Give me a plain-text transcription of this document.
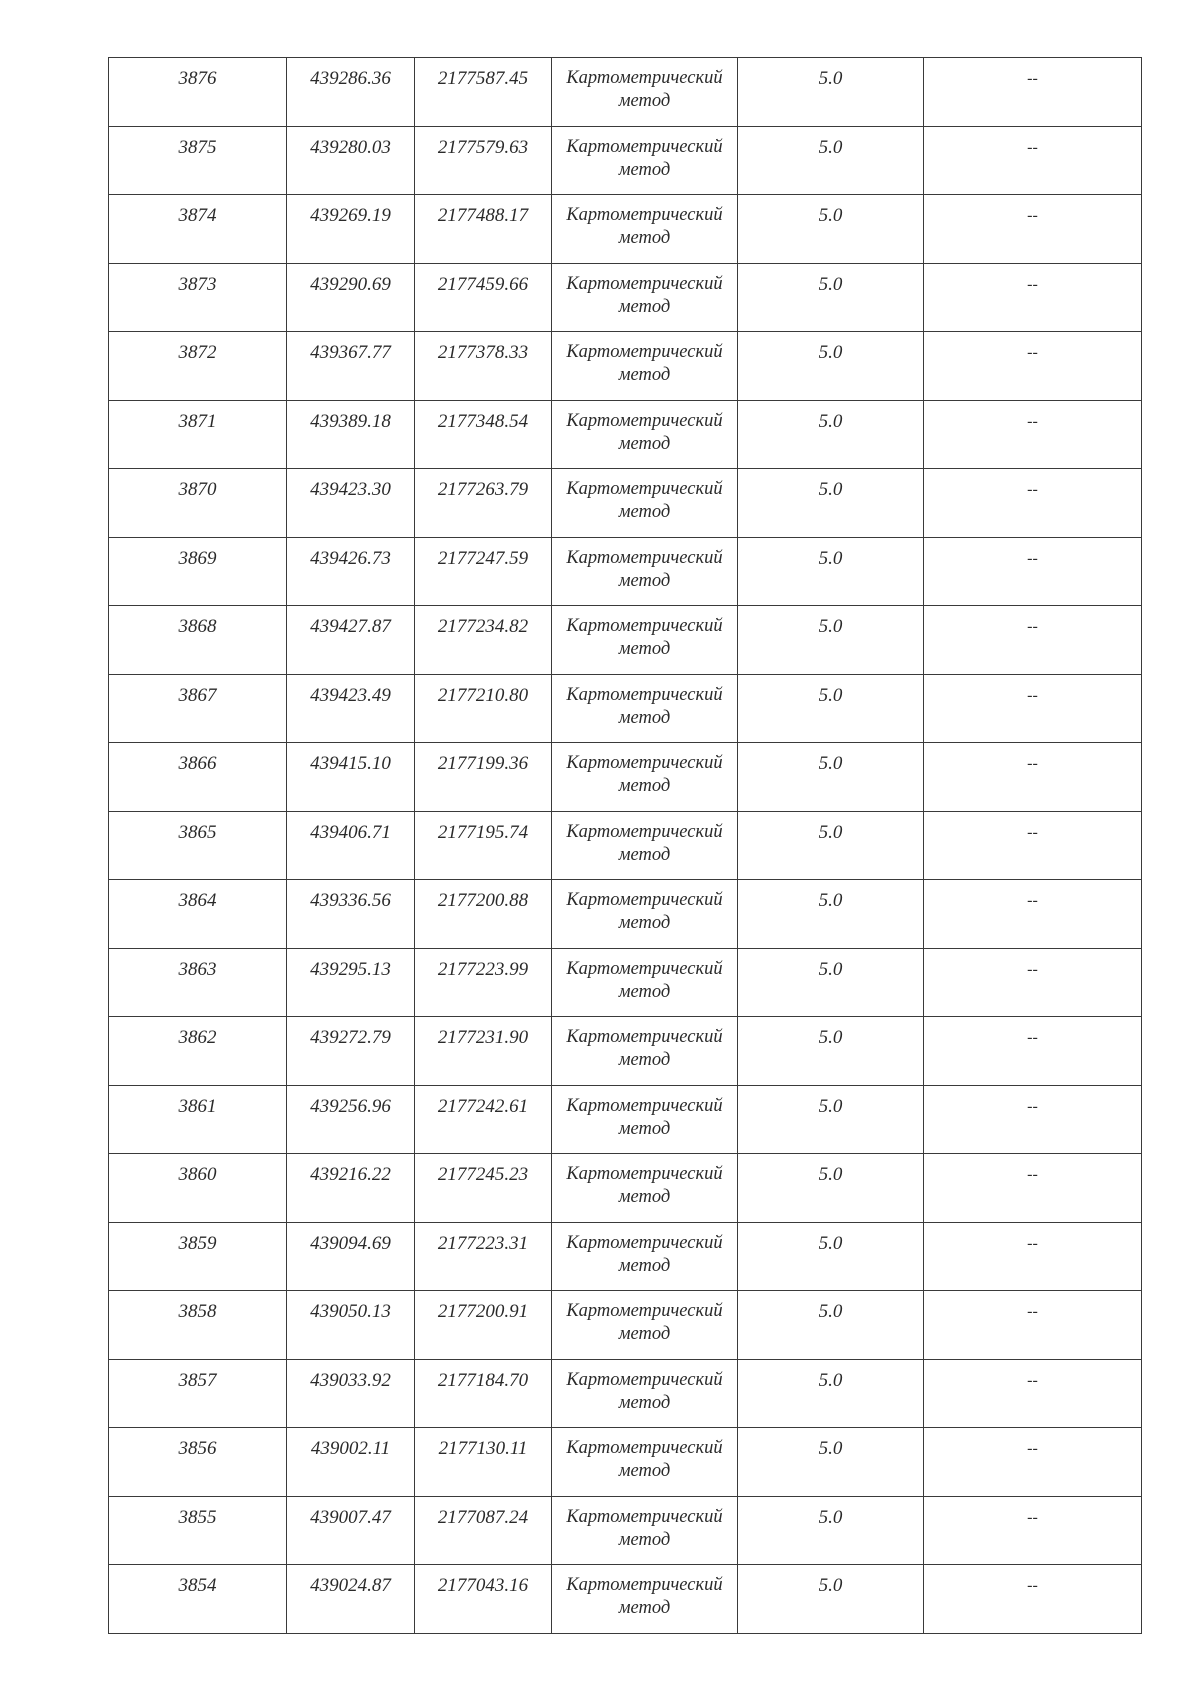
3876	439286.36	2177587.45	Картометрический метод	5.0	--
3875	439280.03	2177579.63	Картометрический метод	5.0	--
3874	439269.19	2177488.17	Картометрический метод	5.0	--
3873	439290.69	2177459.66	Картометрический метод	5.0	--
3872	439367.77	2177378.33	Картометрический метод	5.0	--
3871	439389.18	2177348.54	Картометрический метод	5.0	--
3870	439423.30	2177263.79	Картометрический метод	5.0	--
3869	439426.73	2177247.59	Картометрический метод	5.0	--
3868	439427.87	2177234.82	Картометрический метод	5.0	--
3867	439423.49	2177210.80	Картометрический метод	5.0	--
3866	439415.10	2177199.36	Картометрический метод	5.0	--
3865	439406.71	2177195.74	Картометрический метод	5.0	--
3864	439336.56	2177200.88	Картометрический метод	5.0	--
3863	439295.13	2177223.99	Картометрический метод	5.0	--
3862	439272.79	2177231.90	Картометрический метод	5.0	--
3861	439256.96	2177242.61	Картометрический метод	5.0	--
3860	439216.22	2177245.23	Картометрический метод	5.0	--
3859	439094.69	2177223.31	Картометрический метод	5.0	--
3858	439050.13	2177200.91	Картометрический метод	5.0	--
3857	439033.92	2177184.70	Картометрический метод	5.0	--
3856	439002.11	2177130.11	Картометрический метод	5.0	--
3855	439007.47	2177087.24	Картометрический метод	5.0	--
3854	439024.87	2177043.16	Картометрический метод	5.0	--
